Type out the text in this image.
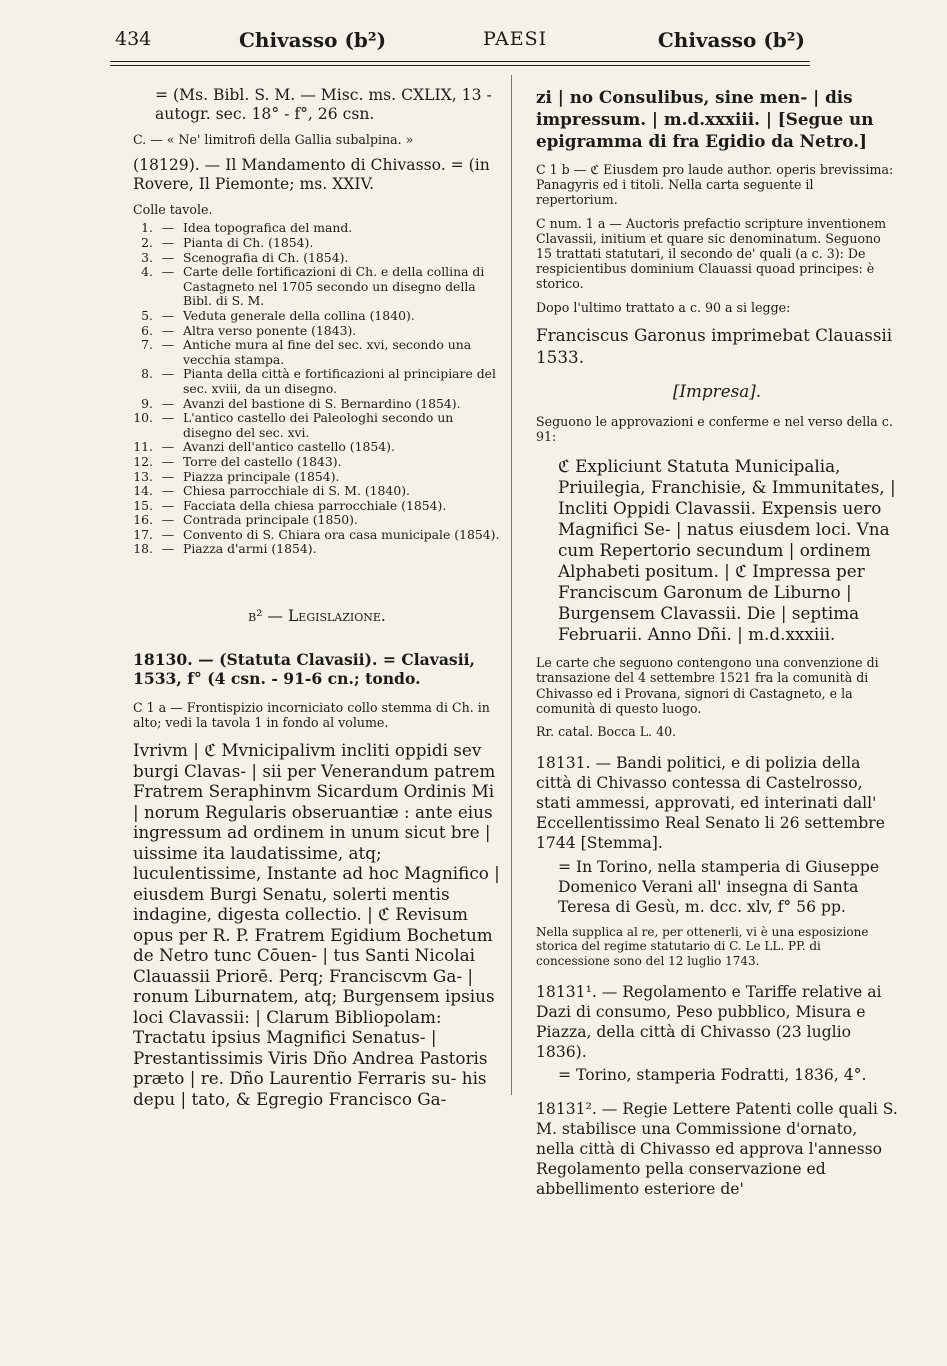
434	Chivasso (b²)	PAESI	Chivasso (b²)

= (Ms. Bibl. S. M. — Misc. ms. CXLIX, 13 - autogr. sec. 18° - f°, 26 csn.

C. — « Ne' limitrofi della Gallia subalpina. »

(18129). — Il Mandamento di Chivasso. = (in Rovere, Il Piemonte; ms. XXIV.

Colle tavole.

1. — Idea topografica del mand.
2. — Pianta di Ch. (1854).
3. — Scenografia di Ch. (1854).
4. — Carte delle fortificazioni di Ch. e della collina di Castagneto nel 1705 secondo un disegno della Bibl. di S. M.
5. — Veduta generale della collina (1840).
6. — Altra verso ponente (1843).
7. — Antiche mura al fine del sec. xvi, secondo una vecchia stampa.
8. — Pianta della città e fortificazioni al principiare del sec. xviii, da un disegno.
9. — Avanzi del bastione di S. Bernardino (1854).
10. — L'antico castello dei Paleologhi secondo un disegno del sec. xvi.
11. — Avanzi dell'antico castello (1854).
12. — Torre del castello (1843).
13. — Piazza principale (1854).
14. — Chiesa parrocchiale di S. M. (1840).
15. — Facciata della chiesa parrocchiale (1854).
16. — Contrada principale (1850).
17. — Convento di S. Chiara ora casa municipale (1854).
18. — Piazza d'armi (1854).

b² — Legislazione.

18130. — (Statuta Clavasii). = Clavasii, 1533, f° (4 csn. - 91-6 cn.; tondo.

C 1 a — Frontispizio incorniciato collo stemma di Ch. in alto; vedi la tavola 1 in fondo al volume.

Ivrivm | ℭ Mvnicipalivm incliti oppidi sev burgi Clavas- | sii per Venerandum patrem Fratrem Seraphinvm Sicardum Ordinis Mi | norum Regularis obseruantiæ : ante eius ingressum ad ordinem in unum sicut bre | uissime ita laudatissime, atq; luculentissime, Instante ad hoc Magnifico | eiusdem Burgi Senatu, solerti mentis indagine, digesta collectio. | ℭ Revisum opus per R. P. Fratrem Egidium Bochetum de Netro tunc Cōuen- | tus Santi Nicolai Clauassii Priorē. Perq; Franciscvm Ga- | ronum Liburnatem, atq; Burgensem ipsius loci Clavassii: | Clarum Bibliopolam: Tractatu ipsius Magnifici Senatus- | Prestantissimis Viris Dño Andrea Pastoris præto | re. Dño Laurentio Ferraris su- his depu | tato, & Egregio Francisco Ga-

zi | no Consulibus, sine men- | dis impressum. | m.d.xxxiii. | [Segue un epigramma di fra Egidio da Netro.]

C 1 b — ℭ Eiusdem pro laude author. operis brevissima: Panagyris ed i titoli. Nella carta seguente il repertorium.

C num. 1 a — Auctoris prefactio scripture inventionem Clavassii, initium et quare sic denominatum. Seguono 15 trattati statutari, il secondo de' quali (a c. 3): De respicientibus dominium Clauassi quoad principes: è storico.

Dopo l'ultimo trattato a c. 90 a si legge:

Franciscus Garonus imprimebat Clauassii 1533.

[Impresa].

Seguono le approvazioni e conferme e nel verso della c. 91:

ℭ Expliciunt Statuta Municipalia, Priuilegia, Franchisie, & Immunitates, | Incliti Oppidi Clavassii. Expensis uero Magnifici Se- | natus eiusdem loci. Vna cum Repertorio secundum | ordinem Alphabeti positum. | ℭ Impressa per Franciscum Garonum de Liburno | Burgensem Clavassii. Die | septima Februarii. Anno Dñi. | m.d.xxxiii.

Le carte che seguono contengono una convenzione di transazione del 4 settembre 1521 fra la comunità di Chivasso ed i Provana, signori di Castagneto, e la comunità di questo luogo.

Rr. catal. Bocca L. 40.

18131. — Bandi politici, e di polizia della città di Chivasso contessa di Castelrosso, stati ammessi, approvati, ed interinati dall' Eccellentissimo Real Senato li 26 settembre 1744 [Stemma].

= In Torino, nella stamperia di Giuseppe Domenico Verani all' insegna di Santa Teresa di Gesù, m. dcc. xlv, f° 56 pp.

Nella supplica al re, per ottenerli, vi è una esposizione storica del regime statutario di C. Le LL. PP. di concessione sono del 12 luglio 1743.

18131¹. — Regolamento e Tariffe relative ai Dazi di consumo, Peso pubblico, Misura e Piazza, della città di Chivasso (23 luglio 1836).

= Torino, stamperia Fodratti, 1836, 4°.

18131². — Regie Lettere Patenti colle quali S. M. stabilisce una Commissione d'ornato, nella città di Chivasso ed approva l'annesso Regolamento pella conservazione ed abbellimento esteriore de'
